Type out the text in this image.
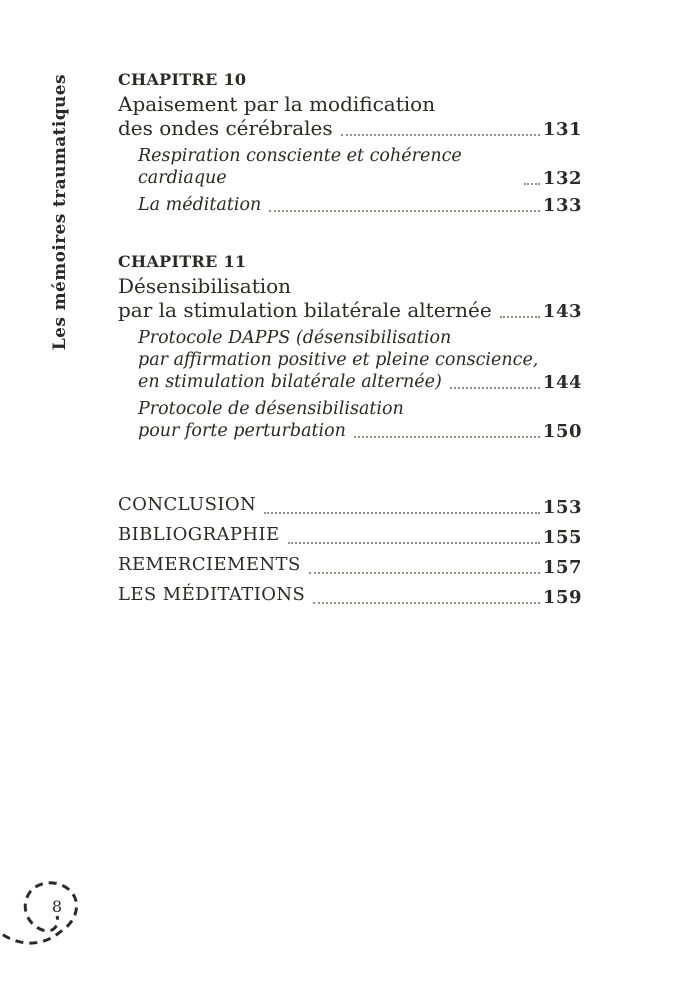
Les mémoires traumatiques	CHAPITRE 10
Apaisement par la modification
des ondes cérébrales	131
Respiration consciente et cohérence cardiaque	132
La méditation	133
CHAPITRE 11
Désensibilisation
par la stimulation bilatérale alternée	143
Protocole DAPPS (désensibilisation
par affirmation positive et pleine conscience,
en stimulation bilatérale alternée)	144
Protocole de désensibilisation
pour forte perturbation	150
CONCLUSION	153
BIBLIOGRAPHIE	155
REMERCIEMENTS	157
LES MÉDITATIONS	159
8
